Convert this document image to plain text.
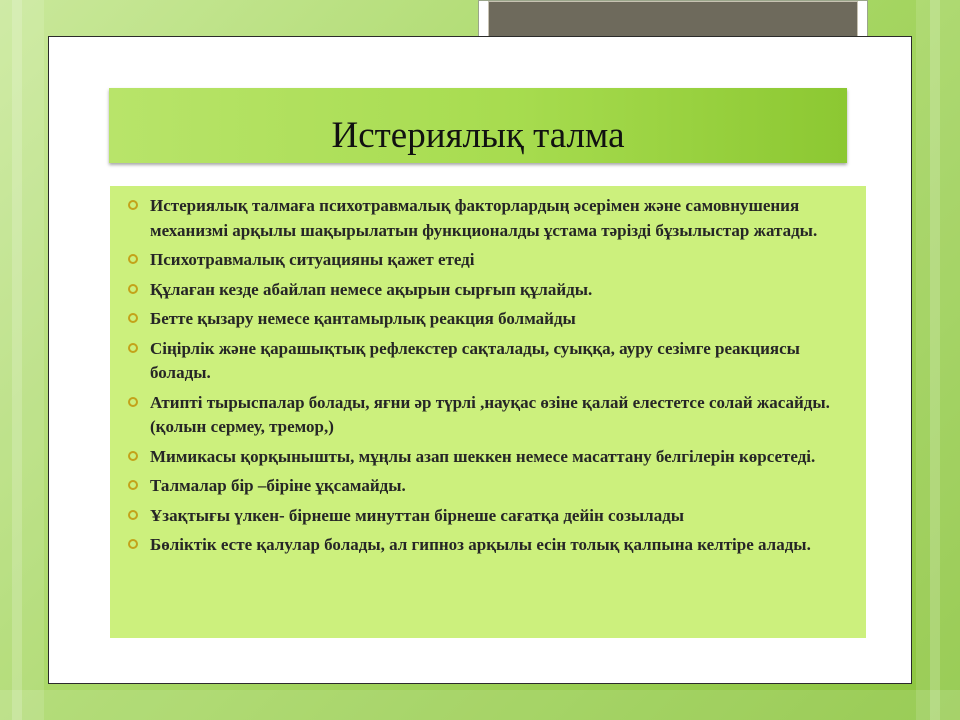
Истериялық талма
Истериялық талмаға психотравмалық факторлардың әсерімен және самовнушения механизмі арқылы шақырылатын функционалды ұстама тәрізді бұзылыстар жатады.
Психотравмалық ситуацияны қажет етеді
Құлаған кезде абайлап немесе ақырын сырғып құлайды.
Бетте қызару немесе қантамырлық реакция болмайды
Сіңірлік және қарашықтық рефлекстер сақталады, суыққа, ауру сезімге реакциясы болады.
Атипті тырыспалар болады, яғни әр түрлі ,науқас өзіне қалай елестетсе солай жасайды.(қолын сермеу, тремор,)
Мимикасы қорқынышты, мұңлы азап шеккен немесе масаттану белгілерін көрсетеді.
Талмалар бір –біріне ұқсамайды.
Ұзақтығы үлкен- бірнеше минуттан бірнеше сағатқа дейін созылады
Бөліктік есте қалулар болады, ал гипноз арқылы есін толық қалпына келтіре алады.
